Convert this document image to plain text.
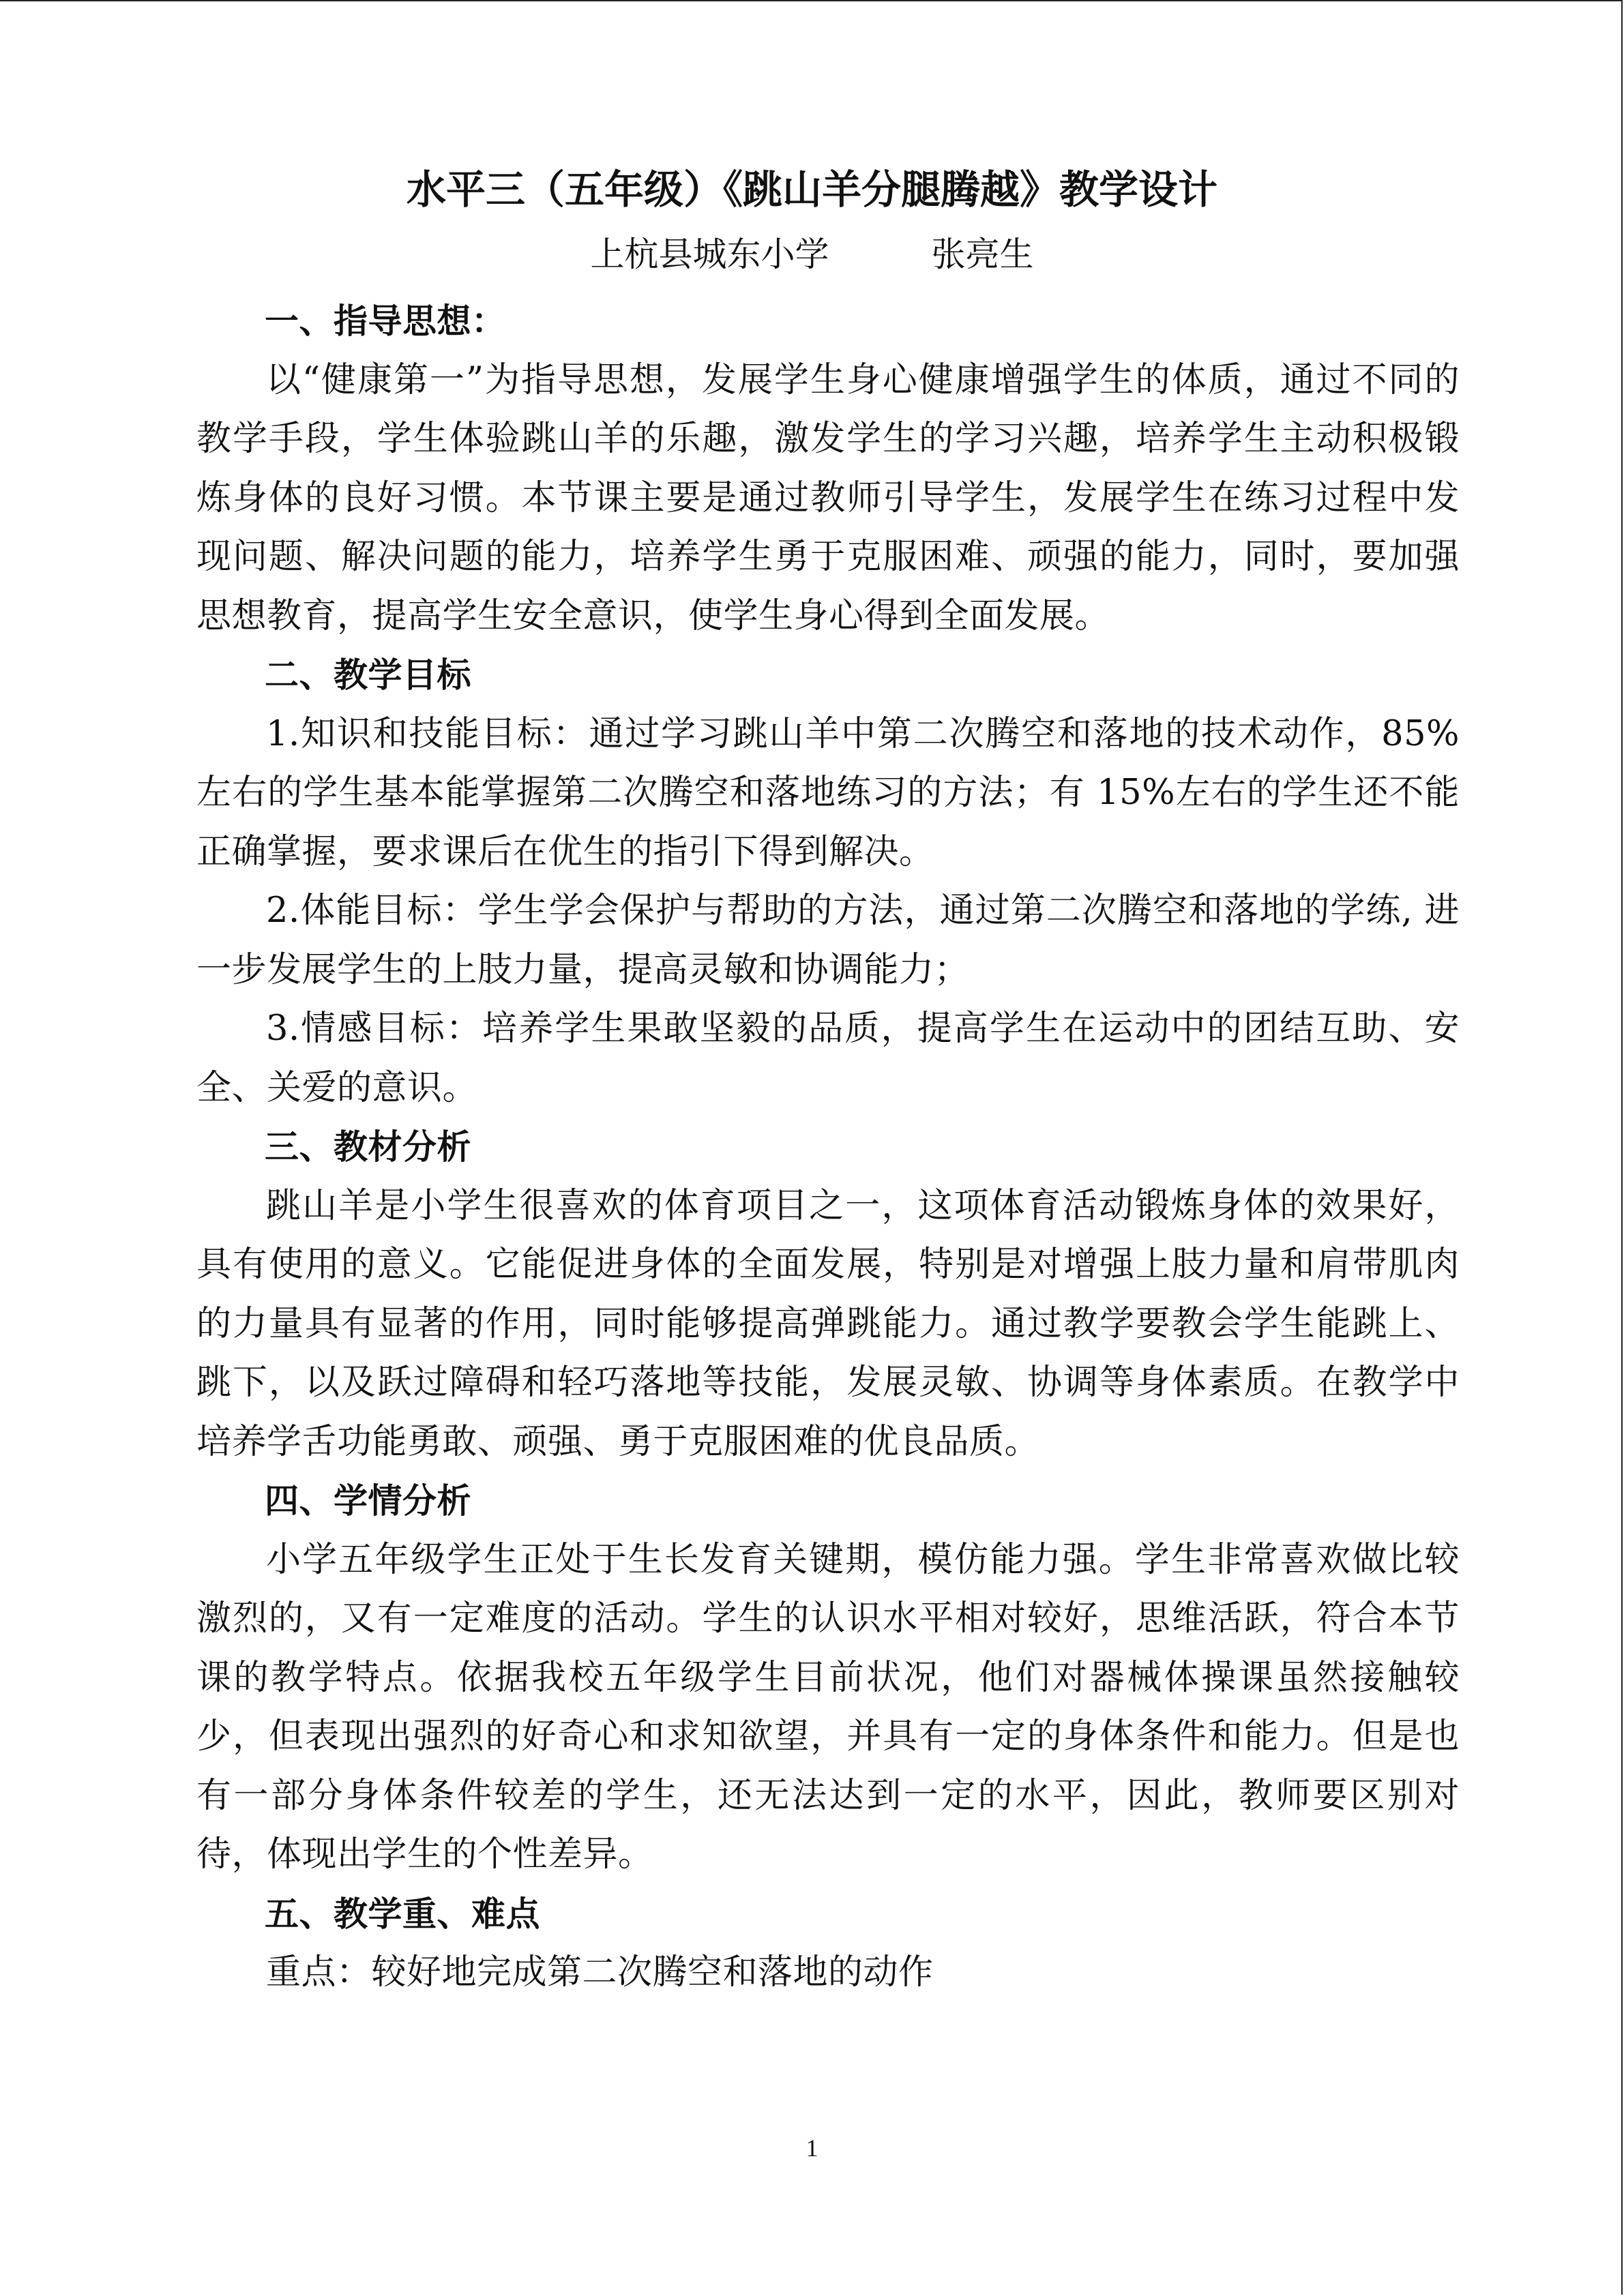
水平三（五年级）《跳山羊分腿腾越》教学设计
上杭县城东小学	张亮生

一、指导思想：

以“健康第一”为指导思想，发展学生身心健康增强学生的体质，通过不同的教学手段，学生体验跳山羊的乐趣，激发学生的学习兴趣，培养学生主动积极锻炼身体的良好习惯。本节课主要是通过教师引导学生，发展学生在练习过程中发现问题、解决问题的能力，培养学生勇于克服困难、顽强的能力，同时，要加强思想教育，提高学生安全意识，使学生身心得到全面发展。

二、教学目标

1.知识和技能目标：通过学习跳山羊中第二次腾空和落地的技术动作，85%左右的学生基本能掌握第二次腾空和落地练习的方法；有 15%左右的学生还不能正确掌握，要求课后在优生的指引下得到解决。

2.体能目标：学生学会保护与帮助的方法，通过第二次腾空和落地的学练, 进一步发展学生的上肢力量，提高灵敏和协调能力；

3.情感目标：培养学生果敢坚毅的品质，提高学生在运动中的团结互助、安全、关爱的意识。

三、教材分析

跳山羊是小学生很喜欢的体育项目之一，这项体育活动锻炼身体的效果好，具有使用的意义。它能促进身体的全面发展，特别是对增强上肢力量和肩带肌肉的力量具有显著的作用，同时能够提高弹跳能力。通过教学要教会学生能跳上、跳下，以及跃过障碍和轻巧落地等技能，发展灵敏、协调等身体素质。在教学中培养学舌功能勇敢、顽强、勇于克服困难的优良品质。

四、学情分析

小学五年级学生正处于生长发育关键期，模仿能力强。学生非常喜欢做比较激烈的，又有一定难度的活动。学生的认识水平相对较好，思维活跃，符合本节课的教学特点。依据我校五年级学生目前状况，他们对器械体操课虽然接触较少，但表现出强烈的好奇心和求知欲望，并具有一定的身体条件和能力。但是也有一部分身体条件较差的学生，还无法达到一定的水平，因此，教师要区别对待，体现出学生的个性差异。

五、教学重、难点

重点：较好地完成第二次腾空和落地的动作

1
